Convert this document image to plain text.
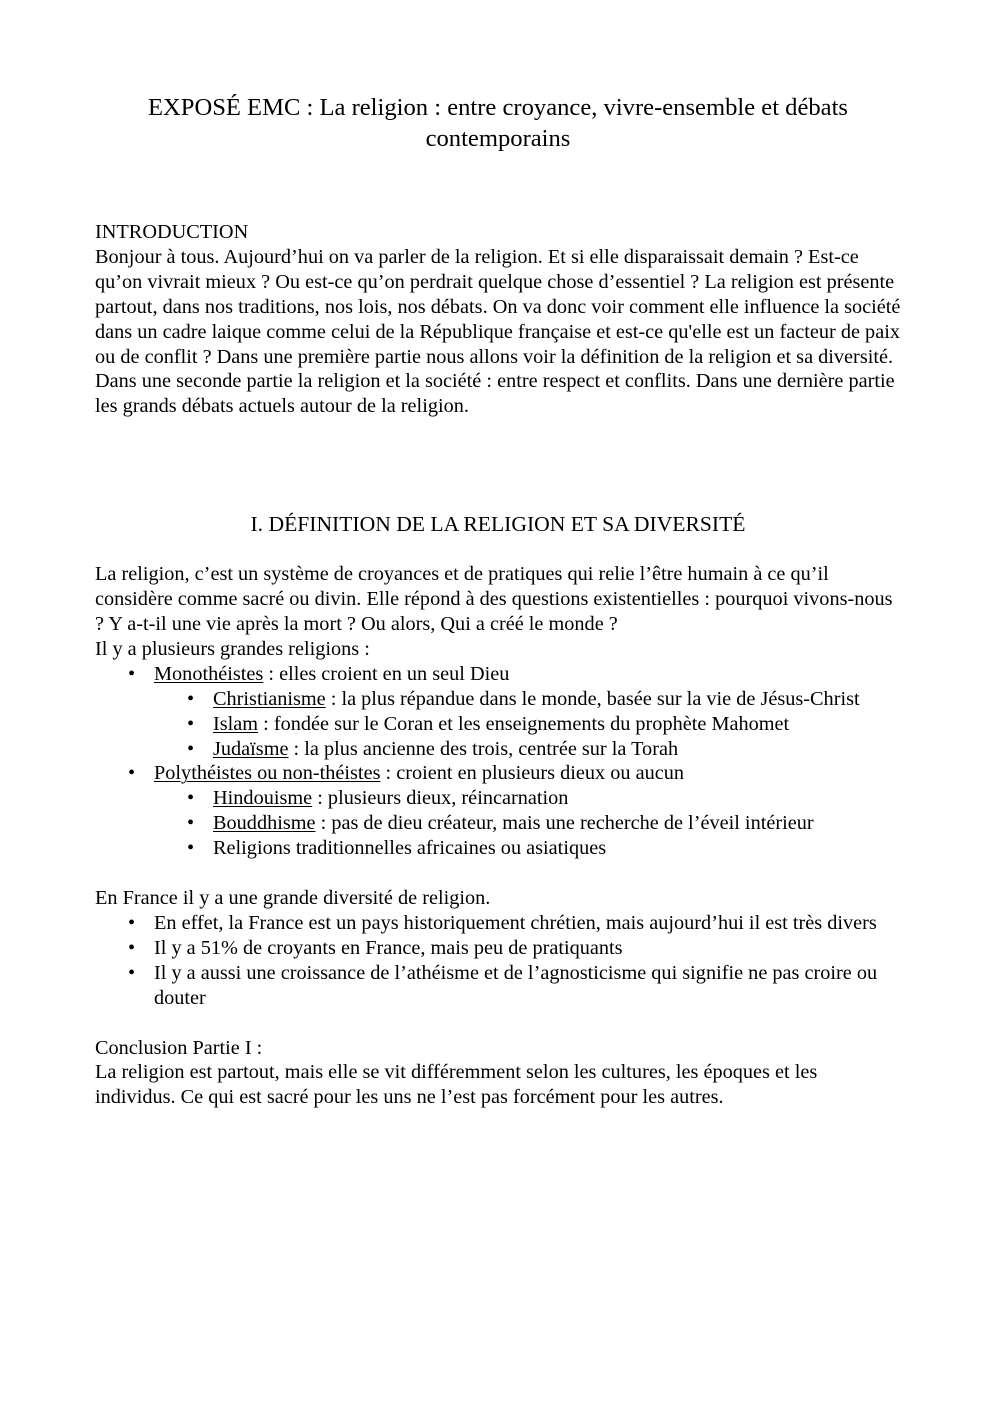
EXPOSÉ EMC : La religion : entre croyance, vivre-ensemble et débats contemporains
INTRODUCTION

Bonjour à tous. Aujourd’hui on va parler de la religion. Et si elle disparaissait demain ? Est-ce qu’on vivrait mieux ? Ou est-ce qu’on perdrait quelque chose d’essentiel ? La religion est présente partout, dans nos traditions, nos lois, nos débats. On va donc voir comment elle influence la société dans un cadre laique comme celui de la République française et est-ce qu'elle est un facteur de paix ou de conflit ? Dans une première partie nous allons voir la définition de la religion et sa diversité. Dans une seconde partie la religion et la société : entre respect et conflits. Dans une dernière partie les grands débats actuels autour de la religion.

I. DÉFINITION DE LA RELIGION ET SA DIVERSITÉ

La religion, c’est un système de croyances et de pratiques qui relie l’être humain à ce qu’il considère comme sacré ou divin. Elle répond à des questions existentielles : pourquoi vivons-nous ? Y a-t-il une vie après la mort ? Ou alors, Qui a créé le monde ?

Il y a plusieurs grandes religions :

• Monothéistes : elles croient en un seul Dieu
• Christianisme : la plus répandue dans le monde, basée sur la vie de Jésus-Christ
• Islam : fondée sur le Coran et les enseignements du prophète Mahomet
• Judaïsme : la plus ancienne des trois, centrée sur la Torah
• Polythéistes ou non-théistes : croient en plusieurs dieux ou aucun
• Hindouisme : plusieurs dieux, réincarnation
• Bouddhisme : pas de dieu créateur, mais une recherche de l’éveil intérieur
• Religions traditionnelles africaines ou asiatiques

En France il y a une grande diversité de religion.

• En effet, la France est un pays historiquement chrétien, mais aujourd’hui il est très divers
• Il y a 51% de croyants en France, mais peu de pratiquants
• Il y a aussi une croissance de l’athéisme et de l’agnosticisme qui signifie ne pas croire ou douter

Conclusion Partie I :

La religion est partout, mais elle se vit différemment selon les cultures, les époques et les individus. Ce qui est sacré pour les uns ne l’est pas forcément pour les autres.
